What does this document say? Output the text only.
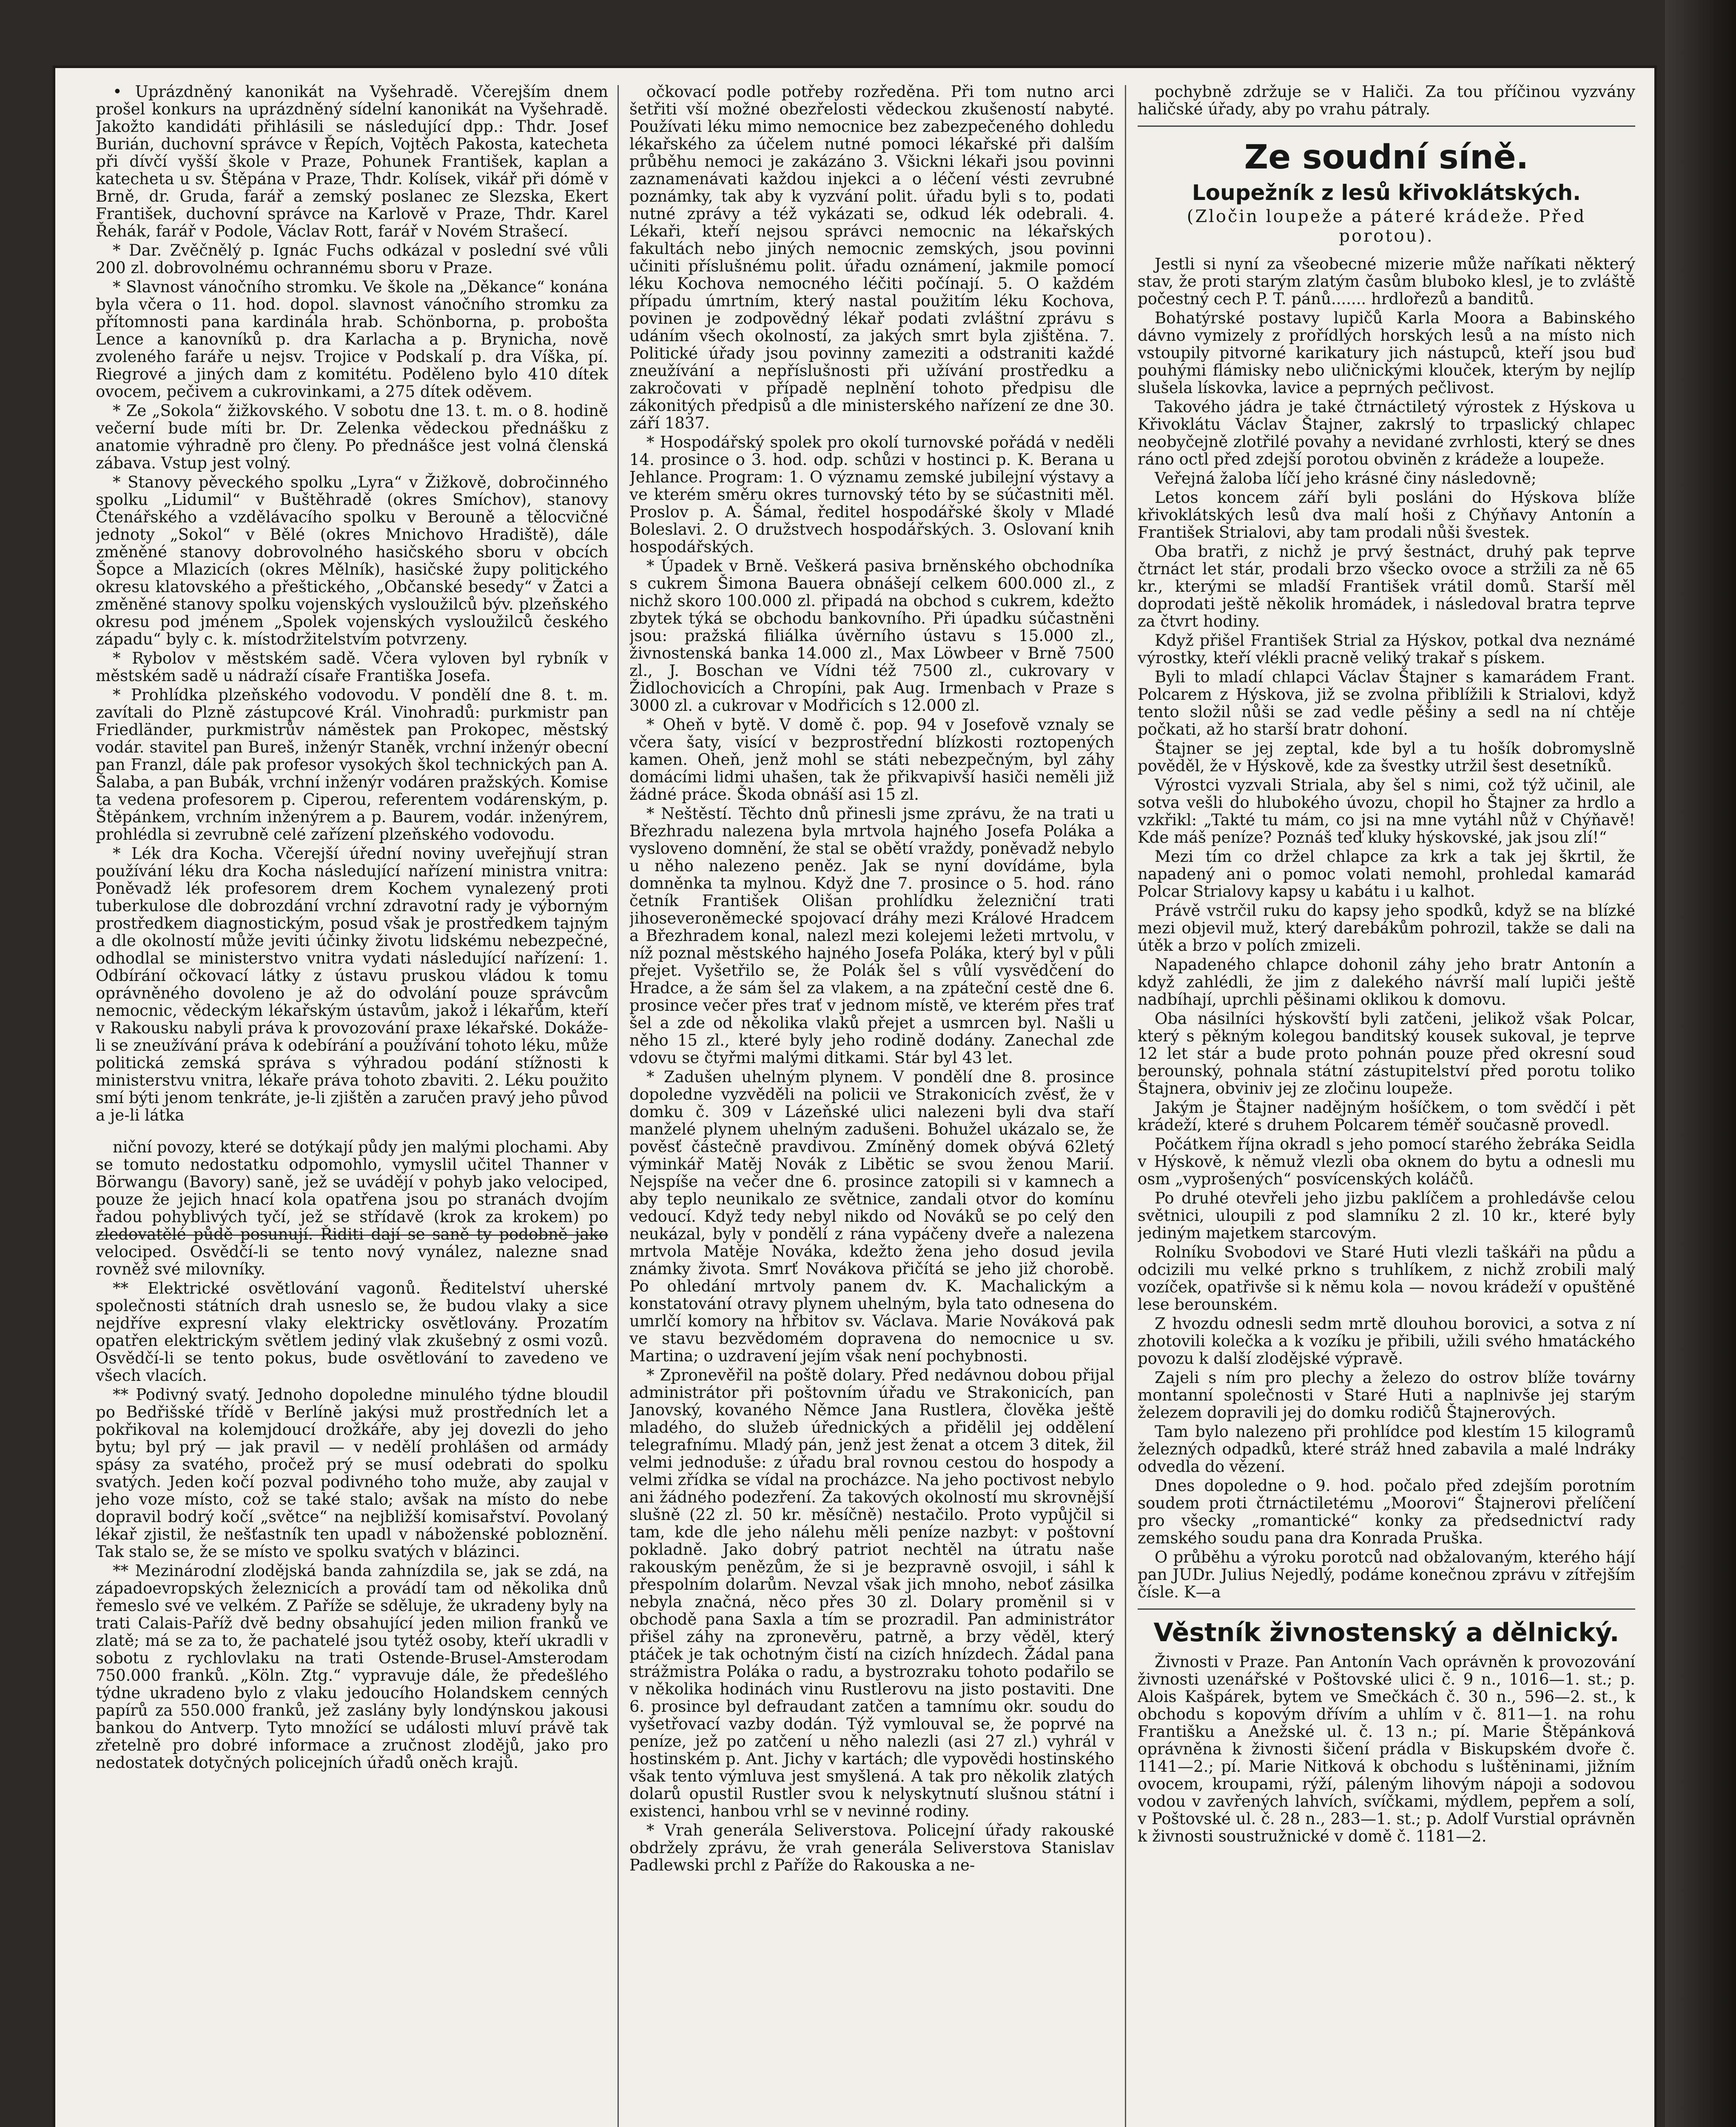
• Uprázdněný kanonikát na Vyšehradě. Včerejším dnem prošel konkurs na uprázdněný sídelní kanonikát na Vyšehradě. Jakožto kandidáti přihlásili se následující dpp.: Thdr. Josef Burián, duchovní správce v Řepích, Vojtěch Pakosta, katecheta při dívčí vyšší škole v Praze, Pohunek František, kaplan a katecheta u sv. Štěpána v Praze, Thdr. Kolísek, vikář při dómě v Brně, dr. Gruda, farář a zemský poslanec ze Slezska, Ekert František, duchovní správce na Karlově v Praze, Thdr. Karel Řehák, farář v Podole, Václav Rott, farář v Novém Strašecí.

* Dar. Zvěčnělý p. Ignác Fuchs odkázal v poslední své vůli 200 zl. dobrovolnému ochrannému sboru v Praze.

* Slavnost vánočního stromku. Ve škole na „Děkance“ konána byla včera o 11. hod. dopol. slavnost vánočního stromku za přítomnosti pana kardinála hrab. Schönborna, p. proboštа Lence a kanovníků p. dra Karlacha a p. Brynicha, nově zvoleného faráře u nejsv. Trojice v Podskalí p. dra Víška, pí. Riegrové a jiných dam z komitétu. Poděleno bylo 410 dítek ovocem, pečivem a cukrovinkami, a 275 dítek oděvem.

* Ze „Sokola“ žižkovského. V sobotu dne 13. t. m. o 8. hodině večerní bude míti br. Dr. Zelenka vědeckou přednášku z anatomie výhradně pro členy. Po přednášce jest volná členská zábava. Vstup jest volný.

* Stanovy pěveckého spolku „Lyra“ v Žižkově, dobročinného spolku „Lidumil“ v Buštěhradě (okres Smíchov), stanovy Čtenářského a vzdělávacího spolku v Berouně a tělocvičné jednoty „Sokol“ v Bělé (okres Mnichovo Hradiště), dále změněné stanovy dobrovolného hasičského sboru v obcích Šopce a Mlazicích (okres Mělník), hasičské župy politického okresu klatovského a přeštického, „Občanské besedy“ v Žatci a změněné stanovy spolku vojenských vysloužilců býv. plzeňského okresu pod jménem „Spolek vojenských vysloužilců českého západu“ byly c. k. místodržitelstvím potvrzeny.

* Rybolov v městském sadě. Včera vyloven byl rybník v městském sadě u nádraží císaře Františka Josefa.

* Prohlídka plzeňského vodovodu. V pondělí dne 8. t. m. zavítali do Plzně zástupcové Král. Vinohradů: purkmistr pan Friedländer, purkmistrův náměstek pan Prokopec, městský vodár. stavitel pan Bureš, inženýr Staněk, vrchní inženýr obecní pan Franzl, dále pak profesor vysokých škol technických pan A. Šalaba, a pan Bubák, vrchní inženýr vodáren pražských. Komise ta vedena profesorem p. Ciperou, referentem vodárenským, p. Štěpánkem, vrchním inženýrem a p. Baurem, vodár. inženýrem, prohlédla si zevrubně celé zařízení plzeňského vodovodu.

* Lék dra Kocha. Včerejší úřední noviny uveřejňují stran používání léku dra Kocha následující nařízení ministra vnitra: Poněvadž lék profesorem drem Kochem vynalezený proti tuberkulose dle dobrozdání vrchní zdravotní rady je výborným prostředkem diagnostickým, posud však je prostředkem tajným a dle okolností může jeviti účinky životu lidskému nebezpečné, odhodlal se ministerstvo vnitra vydati následující nařízení: 1. Odbírání očkovací látky z ústavu pruskou vládou k tomu oprávněného dovoleno je až do odvolání pouze správcům nemocnic, vědeckým lékařským ústavům, jakož i lékařům, kteří v Rakousku nabyli práva k provozování praxe lékařské. Dokáže-li se zneužívání práva k odebírání a používání tohoto léku, může politická zemská správa s výhradou podání stížnosti k ministerstvu vnitra, lékaře práva tohoto zbaviti. 2. Léku použito smí býti jenom tenkráte, je-li zjištěn a zaručen pravý jeho původ a je-li látka

niční povozy, které se dotýkají půdy jen malými plochami. Aby se tomuto nedostatku odpomohlo, vymyslil učitel Thanner v Börwangu (Bavory) saně, jež se uvádějí v pohyb jako velociped, pouze že jejich hnací kola opatřena jsou po stranách dvojím řadou pohyblivých tyčí, jež se střídavě (krok za krokem) po zledovatělé půdě posunují. Řiditi dají se saně ty podobně jako velociped. Osvědčí-li se tento nový vynález, nalezne snad rovněž své milovníky.

** Elektrické osvětlování vagonů. Ředitelství uherské společnosti státních drah usneslo se, že budou vlaky a sice nejdříve expresní vlaky elektricky osvětlovány. Prozatím opatřen elektrickým světlem jediný vlak zkušebný z osmi vozů. Osvědčí-li se tento pokus, bude osvětlování to zavedeno ve všech vlacích.

** Podivný svatý. Jednoho dopoledne minulého týdne bloudil po Bedřišské třídě v Berlíně jakýsi muž prostředních let a pokřikoval na kolemjdoucí drožkáře, aby jej dovezli do jeho bytu; byl prý — jak pravil — v nedělí prohlášen od armády spásy za svatého, pročež prý se musí odebrati do spolku svatých. Jeden kočí pozval podivného toho muže, aby zaujal v jeho voze místo, což se také stalo; avšak na místo do nebe dopravil bodrý kočí „světce“ na nejbližší komisařství. Povolaný lékař zjistil, že nešťastník ten upadl v náboženské pobloznění. Tak stalo se, že se místo ve spolku svatých v blázinci.

** Mezinárodní zlodějská banda zahnízdila se, jak se zdá, na západoevropských železnicích a provádí tam od několika dnů řemeslo své ve velkém. Z Paříže se sděluje, že ukradeny byly na trati Calais-Paříž dvě bedny obsahující jeden milion franků ve zlatě; má se za to, že pachatelé jsou tytéž osoby, kteří ukradli v sobotu z rychlovlaku na trati Ostende-Brusel-Amsterodam 750.000 franků. „Köln. Ztg.“ vypravuje dále, že předešlého týdne ukradeno bylo z vlaku jedoucího Holandskem cenných papírů za 550.000 franků, jež zaslány byly londýnskou jakousi bankou do Antverp. Tyto množící se události mluví právě tak zřetelně pro dobré informace a zručnost zlodějů, jako pro nedostatek dotyčných policejních úřadů oněch krajů.

očkovací podle potřeby rozředěna. Při tom nutno arci šetřiti vší možné obezřelosti vědeckou zkušeností nabyté. Používati léku mimo nemocnice bez zabezpečeného dohledu lékařského za účelem nutné pomoci lékařské při dalším průběhu nemoci je zakázáno 3. Všickni lékaři jsou povinni zaznamenávati každou injekci a o léčení vésti zevrubné poznámky, tak aby k vyzvání polit. úřadu byli s to, podati nutné zprávy a též vykázati se, odkud lék odebrali. 4. Lékaři, kteří nejsou správci nemocnic na lékařských fakultách nebo jiných nemocnic zemských, jsou povinni učiniti příslušnému polit. úřadu oznámení, jakmile pomocí léku Kochova nemocného léčiti počínají. 5. O každém případu úmrtním, který nastal použitím léku Kochova, povinen je zodpovědný lékař podati zvláštní zprávu s udáním všech okolností, za jakých smrt byla zjištěna. 7. Politické úřady jsou povinny zameziti a odstraniti každé zneužívání a nepříslušnosti při užívání prostředku a zakročovati v případě neplnění tohoto předpisu dle zákonitých předpisů a dle ministerského nařízení ze dne 30. září 1837.

* Hospodářský spolek pro okolí turnovské pořádá v neděli 14. prosince o 3. hod. odp. schůzi v hostinci p. K. Berana u Jehlance. Program: 1. O významu zemské jubilejní výstavy a ve kterém směru okres turnovský této by se súčastniti měl. Proslov p. A. Šámal, ředitel hospodářské školy v Mladé Boleslavi. 2. O družstvech hospodářských. 3. Oslovaní knih hospodářských.

* Úpadek v Brně. Veškerá pasiva brněnského obchodníka s cukrem Šimona Bauera obnášejí celkem 600.000 zl., z nichž skoro 100.000 zl. připadá na obchod s cukrem, kdežto zbytek týká se obchodu bankovního. Při úpadku súčastněni jsou: pražská filiálka úvěrního ústavu s 15.000 zl., živnostenská banka 14.000 zl., Max Löwbeer v Brně 7500 zl., J. Boschan ve Vídni též 7500 zl., cukrovary v Židlochovicích a Chropíni, pak Aug. Irmenbach v Praze s 3000 zl. a cukrovar v Modřicích s 12.000 zl.

* Oheň v bytě. V domě č. pop. 94 v Josefově vznaly se včera šaty, visící v bezprostřední blízkosti roztopených kamen. Oheň, jenž mohl se státi nebezpečným, byl záhy domácími lidmi uhašen, tak že přikvapivší hasiči neměli již žádné práce. Škoda obnáší asi 15 zl.

* Neštěstí. Těchto dnů přinesli jsme zprávu, že na trati u Březhradu nalezena byla mrtvola hajného Josefa Poláka a vysloveno domnění, že stal se obětí vraždy, poněvadž nebylo u něho nalezeno peněz. Jak se nyní dovídáme, byla domněnka ta mylnou. Když dne 7. prosince o 5. hod. ráno četník František Olišan prohlídku železniční trati jihoseveroněmecké spojovací dráhy mezi Králové Hradcem a Březhradem konal, nalezl mezi kolejemi ležeti mrtvolu, v níž poznal městského hajného Josefa Poláka, který byl v půli přejet. Vyšetřilo se, že Polák šel s vůlí vysvědčení do Hradce, a že sám šel za vlakem, a na zpáteční cestě dne 6. prosince večer přes trať v jednom místě, ve kterém přes trať šel a zde od několika vlaků přejet a usmrcen byl. Našli u něho 15 zl., které byly jeho rodině dodány. Zanechal zde vdovu se čtyřmi malými ditkami. Stár byl 43 let.

* Zadušen uhelným plynem. V pondělí dne 8. prosince dopoledne vyzvěděli na policii ve Strakonicích zvěsť, že v domku č. 309 v Lázeňské ulici nalezeni byli dva staří manželé plynem uhelným zadušeni. Bohužel ukázalo se, že pověsť částečně pravdivou. Zmíněný domek obývá 62letý výminkář Matěj Novák z Libětic se svou ženou Marií. Nejspíše na večer dne 6. prosince zatopili si v kamnech a aby teplo neunikalo ze světnice, zandali otvor do komínu vedoucí. Když tedy nebyl nikdo od Nováků se po celý den neukázal, byly v pondělí z rána vypáčeny dveře a nalezena mrtvola Matěje Nováka, kdežto žena jeho dosud jevila známky života. Smrť Novákova přičítá se jeho již chorobě. Po ohledání mrtvoly panem dv. K. Machalickým a konstatování otravy plynem uhelným, byla tato odnesena do umrlčí komory na hřbitov sv. Václava. Marie Nováková pak ve stavu bezvědomém dopravena do nemocnice u sv. Martina; o uzdravení jejím však není pochybnosti.

* Zpronevěřil na poště dolary. Před nedávnou dobou přijal administrátor při poštovním úřadu ve Strakonicích, pan Janovský, kovaného Němce Jana Rustlera, člověka ještě mladého, do služeb úřednických a přidělil jej oddělení telegrafnímu. Mladý pán, jenž jest ženat a otcem 3 ditek, žil velmi jednoduše: z úřadu bral rovnou cestou do hospody a velmi zřídka se vídal na procházce. Na jeho poctivost nebylo ani žádného podezření. Za takových okolností mu skrovnější slušně (22 zl. 50 kr. měsíčně) nestačilo. Proto vypůjčil si tam, kde dle jeho nálehu měli peníze nazbyt: v poštovní pokladně. Jako dobrý patriot nechtěl na útratu naše rakouským penězům, že si je bezpravně osvojil, i sáhl k přespolním dolarům. Nevzal však jich mnoho, neboť zásilka nebyla značná, něco přes 30 zl. Dolary proměnil si v obchodě pana Saxla a tím se prozradil. Pan administrátor přišel záhy na zpronevěru, patrně, a brzy věděl, který ptáček je tak ochotným čistí na cizích hnízdech. Žádal pana strážmistra Poláka o radu, a bystrozraku tohoto podařilo se v několika hodinách vinu Rustlerovu na jisto postaviti. Dne 6. prosince byl defraudant zatčen a tamnímu okr. soudu do vyšetřovací vazby dodán. Týž vymlouval se, že poprvé na peníze, jež po zatčení u něho nalezli (asi 27 zl.) vyhrál v hostinském p. Ant. Jichy v kartách; dle vypovědi hostinského však tento výmluva jest smyšlená. A tak pro několik zlatých dolarů opustil Rustler svou k nelyskytnutí slušnou státní i existenci, hanbou vrhl se v nevinné rodiny.

* Vrah generála Seliverstova. Policejní úřady rakouské obdržely zprávu, že vrah generála Seliverstova Stanislav Padlewski prchl z Paříže do Rakouska a ne-

pochybně zdržuje se v Haliči. Za tou příčinou vyzvány haličské úřady, aby po vrahu pátraly.

Ze soudní síně.
Loupežník z lesů křivoklátských.
(Zločin loupeže a páteré krádeže. Před porotou).

Jestli si nyní za všeobecné mizerie může naříkati některý stav, že proti starým zlatým časům bluboko klesl, je to zvláště počestný cech P. T. pánů....... hrdlořezů a banditů.

Bohatýrské postavy lupičů Karla Moora a Babinského dávno vymizely z prořídlých horských lesů a na místo nich vstoupily pitvorné karikatury jich nástupců, kteří jsou buď pouhými flámisky nebo uličnickými klouček, kterým by nejlíp slušela lískovka, lavice a peprných pečlivost.

Takového jádra je také čtrnáctiletý výrostek z Hýskova u Křivoklátu Václav Štajner, zakrslý to trpaslický chlapec neobyčejně zlotřilé povahy a nevidané zvrhlosti, který se dnes ráno octl před zdejší porotou obviněn z krádeže a loupeže.

Veřejná žaloba líčí jeho krásné činy následovně;

Letos koncem září byli posláni do Hýskova blíže křivoklátských lesů dva malí hoši z Chýňavy Antonín a František Strialovi, aby tam prodali nůši švestek.

Oba bratři, z nichž je prvý šestnáct, druhý pak teprve čtrnáct let stár, prodali brzo všecko ovoce a stržili za ně 65 kr., kterými se mladší František vrátil domů. Starší měl doprodati ještě několik hromádek, i následoval bratra teprve za čtvrt hodiny.

Když přišel František Strial za Hýskov, potkal dva neznámé výrostky, kteří vlékli pracně veliký trakař s pískem.

Byli to mladí chlapci Václav Štajner s kamarádem Frant. Polcarem z Hýskova, již se zvolna přiblížili k Strialovi, když tento složil nůši se zad vedle pěšiny a sedl na ní chtěje počkati, až ho starší bratr dohoní.

Štajner se jej zeptal, kde byl a tu hošík dobromyslně pověděl, že v Hýskově, kde za švestky utržil šest desetníků.

Výrostci vyzvali Striala, aby šel s nimi, což týž učinil, ale sotva vešli do hlubokého úvozu, chopil ho Štajner za hrdlo a vzkřikl: „Takté tu mám, co jsi na mne vytáhl nůž v Chýňavě! Kde máš peníze? Poznáš teď kluky hýskovské, jak jsou zlí!“

Mezi tím co držel chlapce za krk a tak jej škrtil, že napadený ani o pomoc volati nemohl, prohledal kamarád Polcar Strialovy kapsy u kabátu i u kalhot.

Právě vstrčil ruku do kapsy jeho spodků, když se na blízké mezi objevil muž, který darebákům pohrozil, takže se dali na útěk a brzo v polích zmizeli.

Napadeného chlapce dohonil záhy jeho bratr Antonín a když zahlédli, že jim z dalekého návrší malí lupiči ještě nadbíhají, uprchli pěšinami oklikou k domovu.

Oba násilníci hýskovští byli zatčeni, jelikož však Polcar, který s pěkným kolegou banditský kousek sukoval, je teprve 12 let stár a bude proto pohnán pouze před okresní soud berounský, pohnala státní zástupitelství před porotu toliko Štajnera, obviniv jej ze zločinu loupeže.

Jakým je Štajner nadějným hošíčkem, o tom svědčí i pět krádeží, které s druhem Polcarem téměř současně provedl.

Počátkem října okradl s jeho pomocí starého žebráka Seidla v Hýskově, k němuž vlezli oba oknem do bytu a odnesli mu osm „vyprošených“ posvícenských koláčů.

Po druhé otevřeli jeho jizbu paklíčem a prohledávše celou světnici, uloupili z pod slamníku 2 zl. 10 kr., které byly jediným majetkem starcovým.

Rolníku Svobodovi ve Staré Huti vlezli taškáři na půdu a odcizili mu velké prkno s truhlíkem, z nichž zrobili malý vozíček, opatřivše si k němu kola — novou krádeží v opuštěné lese berounském.

Z hvozdu odnesli sedm mrtě dlouhou borovici, a sotva z ní zhotovili kolečka a k vozíku je přibili, užili svého hmatáckého povozu k další zlodějské výpravě.

Zajeli s ním pro plechy a železo do ostrov blíže továrny montanní společnosti v Staré Huti a naplnivše jej starým železem dopravili jej do domku rodičů Štajnerových.

Tam bylo nalezeno při prohlídce pod klestím 15 kilogramů železných odpadků, které stráž hned zabavila a malé lndráky odvedla do vězení.

Dnes dopoledne o 9. hod. počalo před zdejším porotním soudem proti čtrnáctiletému „Moorovi“ Štajnerovi přelíčení pro všecky „romantické“ konky za předsednictví rady zemského soudu pana dra Konrada Pruška.

O průběhu a výroku porotců nad obžalovaným, kterého hájí pan JUDr. Julius Nejedlý, podáme konečnou zprávu v zítřejším čísle. K—a

Věstník živnostenský a dělnický.

Živnosti v Praze. Pan Antonín Vach oprávněn k provozování živnosti uzenářské v Poštovské ulici č. 9 n., 1016—1. st.; p. Alois Kašpárek, bytem ve Smečkách č. 30 n., 596—2. st., k obchodu s kopovým dřívím a uhlím v č. 811—1. na rohu Františku a Anežské ul. č. 13 n.; pí. Marie Štěpánková oprávněna k živnosti šičení prádla v Biskupském dvoře č. 1141—2.; pí. Marie Nitková k obchodu s luštěninami, jižním ovocem, kroupami, rýží, páleným lihovým nápoji a sodovou vodou v zavřených lahvích, svíčkami, mýdlem, pepřem a solí, v Poštovské ul. č. 28 n., 283—1. st.; p. Adolf Vurstial oprávněn k živnosti soustružnické v domě č. 1181—2.
